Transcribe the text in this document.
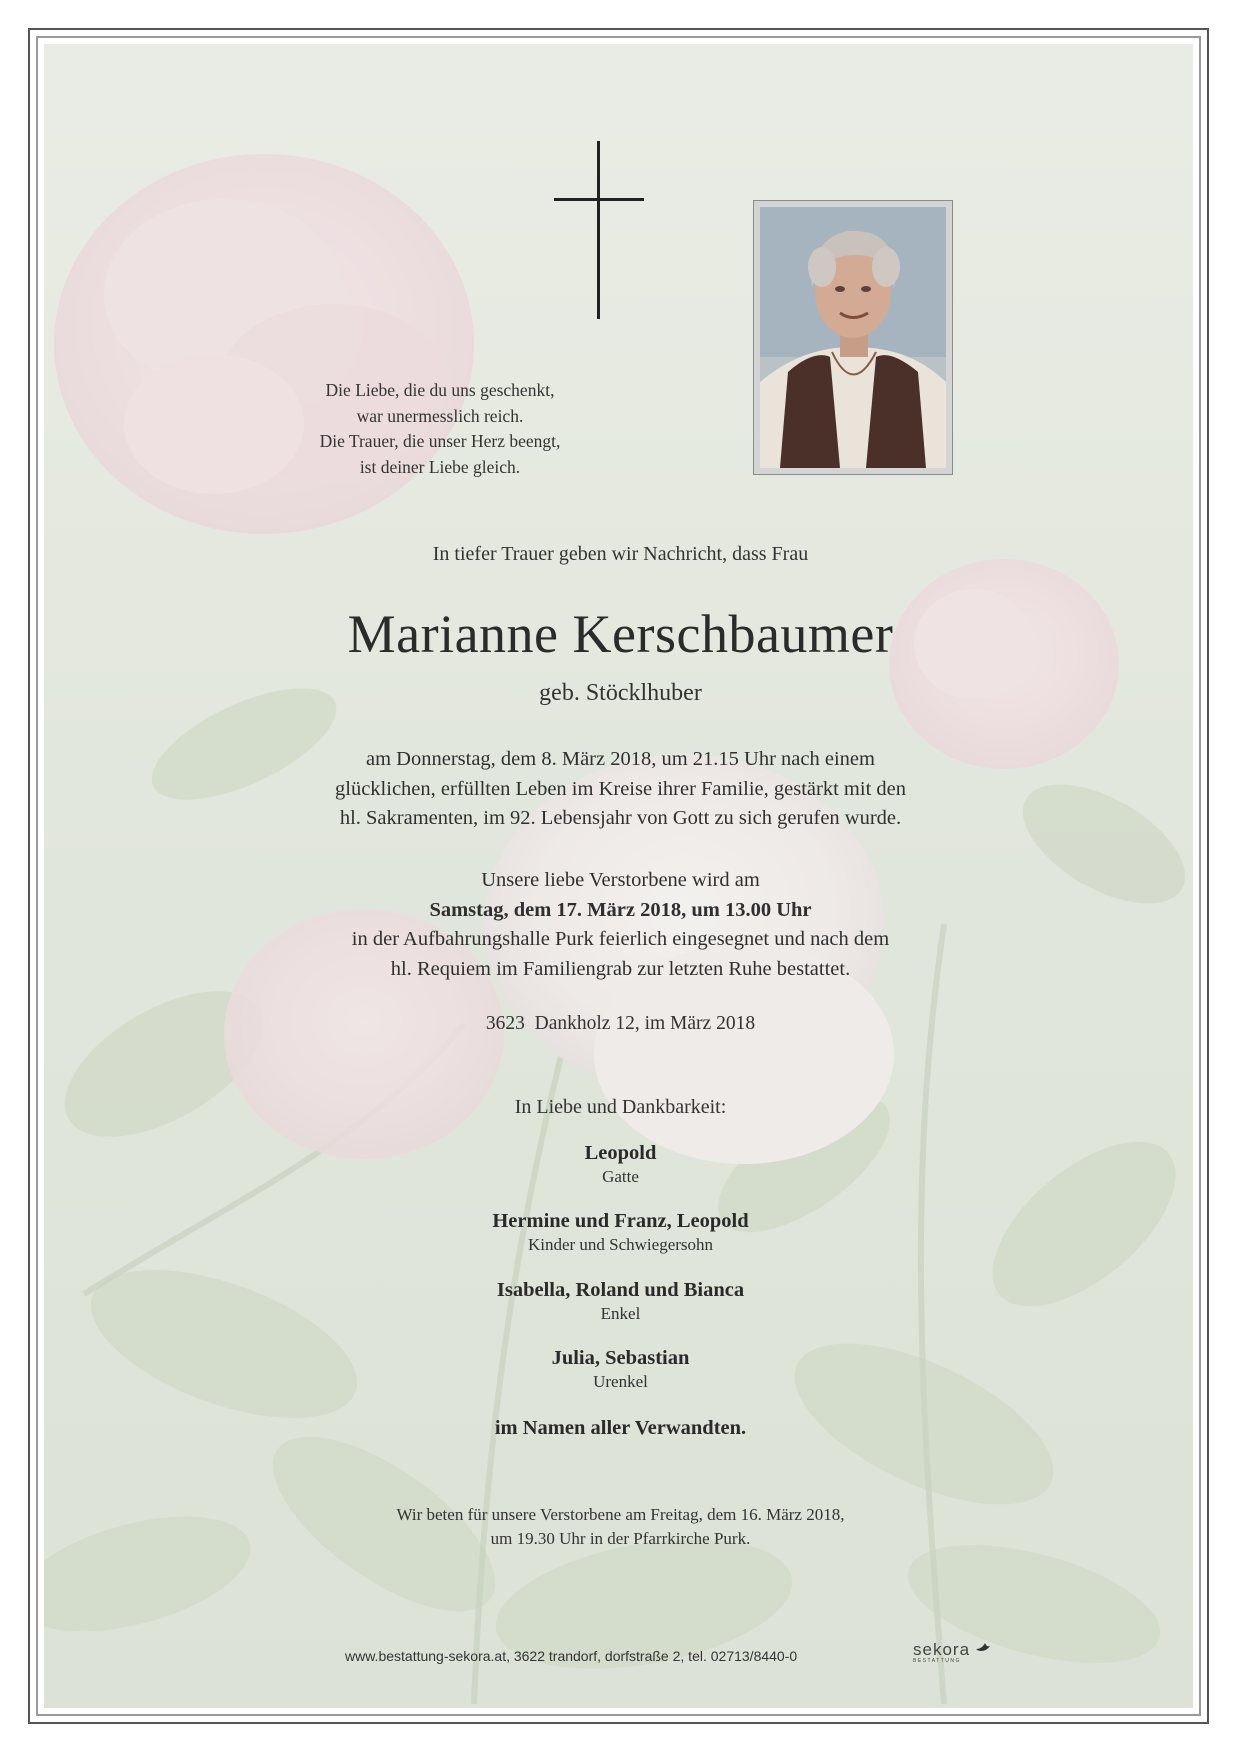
Die Liebe, die du uns geschenkt,
war unermesslich reich.
Die Trauer, die unser Herz beengt,
ist deiner Liebe gleich.
In tiefer Trauer geben wir Nachricht, dass Frau
Marianne Kerschbaumer
geb. Stöcklhuber
am Donnerstag, dem 8. März 2018, um 21.15 Uhr nach einem
glücklichen, erfüllten Leben im Kreise ihrer Familie, gestärkt mit den
hl. Sakramenten, im 92. Lebensjahr von Gott zu sich gerufen wurde.
Unsere liebe Verstorbene wird am
Samstag, dem 17. März 2018, um 13.00 Uhr
in der Aufbahrungshalle Purk feierlich eingesegnet und nach dem
hl. Requiem im Familiengrab zur letzten Ruhe bestattet.
3623  Dankholz 12, im März 2018
In Liebe und Dankbarkeit:
Leopold
Gatte
Hermine und Franz, Leopold
Kinder und Schwiegersohn
Isabella, Roland und Bianca
Enkel
Julia, Sebastian
Urenkel
im Namen aller Verwandten.
Wir beten für unsere Verstorbene am Freitag, dem 16. März 2018,
um 19.30 Uhr in der Pfarrkirche Purk.
www.bestattung-sekora.at, 3622 trandorf, dorfstraße 2, tel. 02713/8440-0	sekora
BESTATTUNG
